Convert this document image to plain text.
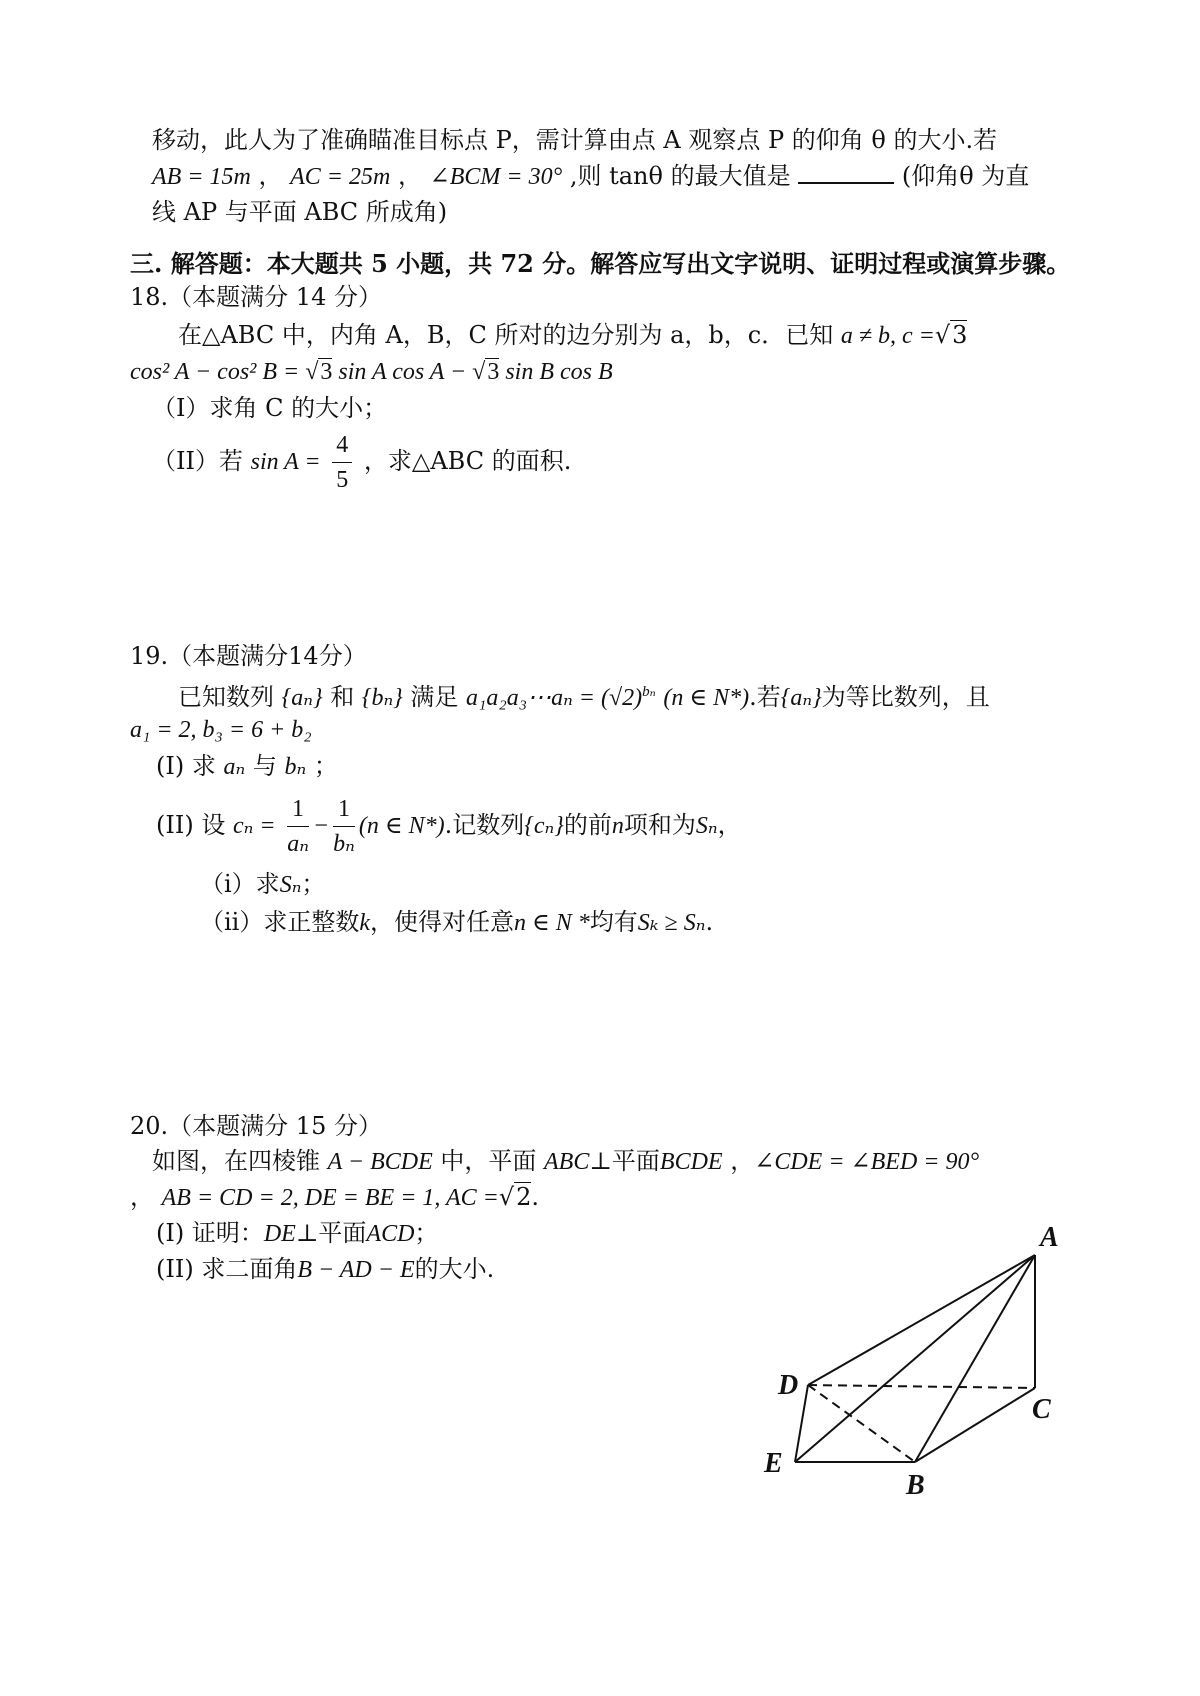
移动，此人为了准确瞄准目标点 P，需计算由点 A 观察点 P 的仰角 θ 的大小.若
AB = 15m ， AC = 25m ， ∠BCM = 30° ,则 tanθ 的最大值是	(仰角θ 为直
线 AP 与平面 ABC 所成角)
三. 解答题：本大题共 5 小题，共 72 分。解答应写出文字说明、证明过程或演算步骤。
18.（本题满分 14 分）
在△ABC 中，内角 A，B，C 所对的边分别为 a，b，c．已知 a ≠ b, c =√3
cos² A − cos² B = √3 sin A cos A − √3 sin B cos B
（I）求角 C 的大小；
（II）若 $\sin A = \frac{4}{5}$ ，求△ABC 的面积.
19.（本题满分14分）
已知数列 {aₙ} 和 {bₙ} 满足 a₁a₂a₃⋯aₙ = $(√2)^{b_n}$ (n ∈ N*).若{aₙ}为等比数列，且
a₁ = 2, b₃ = 6 + b₂
(I) 求 aₙ 与 bₙ ；
(II) 设 $c_n = \frac{1}{\text{aₙ}} - \frac{1}{\text{bₙ}} (n$ ∈ N*).记数列{cₙ}的前n项和为Sₙ，
（i）求Sₙ；
（ii）求正整数k，使得对任意n ∈ N *均有Sₖ ≥ Sₙ.
20.（本题满分 15 分）
如图，在四棱锥 A − BCDE 中，平面 ABC⊥平面BCDE ，∠CDE = ∠BED = 90°
， AB = CD = 2, DE = BE = 1, AC =√2.
(I) 证明：DE⊥平面ACD；
(II) 求二面角B − AD − E的大小.
A
D
C
E
B
